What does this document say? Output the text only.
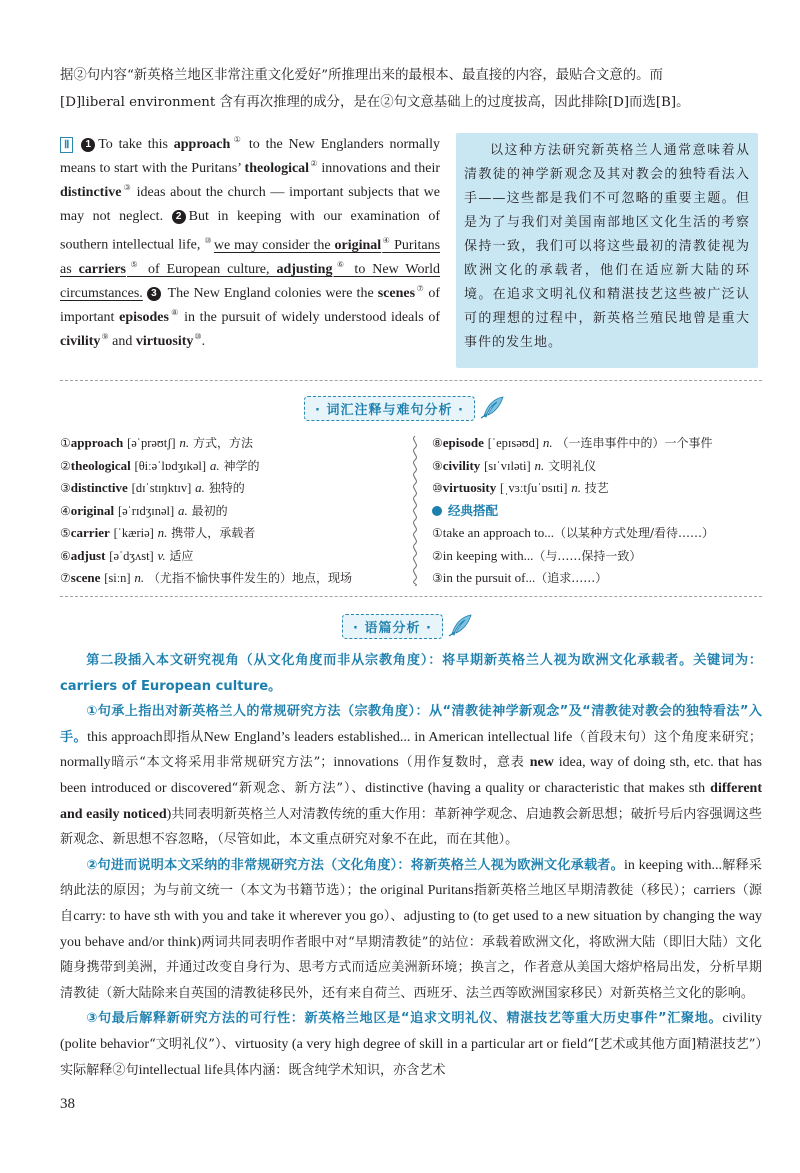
据②句内容“新英格兰地区非常注重文化爱好”所推理出来的最根本、最直接的内容，最贴合文意的。而

[D]liberal environment 含有再次推理的成分，是在②句文意基础上的过度拔高，因此排除[D]而选[B]。

Ⅱ 1 To take this approach① to the New Englanders normally means to start with the Puritans’ theological② innovations and their distinctive③ ideas about the church — important subjects that we may not neglect. 2 But in keeping with our examination of southern intellectual life, ⑩ we may consider the original④ Puritans as carriers⑤ of European culture, adjusting⑥ to New World circumstances. 3 The New England colonies were the scenes⑦ of important episodes⑧ in the pursuit of widely understood ideals of civility⑨ and virtuosity⑩.

以这种方法研究新英格兰人通常意味着从清教徒的神学新观念及其对教会的独特看法入手——这些都是我们不可忽略的重要主题。但是为了与我们对美国南部地区文化生活的考察保持一致，我们可以将这些最初的清教徒视为欧洲文化的承载者，他们在适应新大陆的环境。在追求文明礼仪和精湛技艺这些被广泛认可的理想的过程中，新英格兰殖民地曾是重大事件的发生地。

· 词汇注释与难句分析 ·
①approach [əˈprəʊtʃ] n. 方式，方法
②theological [θiːəˈlɒdʒɪkəl] a. 神学的
③distinctive [dɪˈstɪŋktɪv] a. 独特的
④original [əˈrɪdʒɪnəl] a. 最初的
⑤carrier [ˈkæriə] n. 携带人，承载者
⑥adjust [əˈdʒʌst] v. 适应
⑦scene [siːn] n. （尤指不愉快事件发生的）地点，现场
⑧episode [ˈepɪsəʊd] n. （一连串事件中的）一个事件
⑨civility [sɪˈvɪləti] n. 文明礼仪
⑩virtuosity [ˌvɜːtʃuˈɒsɪti] n. 技艺
经典搭配
①take an approach to...（以某种方式处理/看待……）
②in keeping with...（与……保持一致）
③in the pursuit of...（追求……）
· 语篇分析 ·

第二段插入本文研究视角（从文化角度而非从宗教角度）：将早期新英格兰人视为欧洲文化承载者。关键词为：carriers of European culture。

①句承上指出对新英格兰人的常规研究方法（宗教角度）：从“清教徒神学新观念”及“清教徒对教会的独特看法”入手。this approach即指从New England’s leaders established... in American intellectual life（首段末句）这个角度来研究；normally暗示“本文将采用非常规研究方法”；innovations（用作复数时，意表 new idea, way of doing sth, etc. that has been introduced or discovered“新观念、新方法”）、distinctive (having a quality or characteristic that makes sth different and easily noticed)共同表明新英格兰人对清教传统的重大作用：革新神学观念、启迪教会新思想；破折号后内容强调这些新观念、新思想不容忽略，（尽管如此，本文重点研究对象不在此，而在其他）。

②句进而说明本文采纳的非常规研究方法（文化角度）：将新英格兰人视为欧洲文化承载者。in keeping with...解释采纳此法的原因；为与前文统一（本文为书籍节选）；the original Puritans指新英格兰地区早期清教徒（移民）；carriers（源自carry: to have sth with you and take it wherever you go）、adjusting to (to get used to a new situation by changing the way you behave and/or think)两词共同表明作者眼中对“早期清教徒”的站位：承载着欧洲文化，将欧洲大陆（即旧大陆）文化随身携带到美洲，并通过改变自身行为、思考方式而适应美洲新环境；换言之，作者意从美国大熔炉格局出发，分析早期清教徒（新大陆除来自英国的清教徒移民外，还有来自荷兰、西班牙、法兰西等欧洲国家移民）对新英格兰文化的影响。

③句最后解释新研究方法的可行性：新英格兰地区是“追求文明礼仪、精湛技艺等重大历史事件”汇聚地。civility (polite behavior“文明礼仪”）、virtuosity (a very high degree of skill in a particular art or field“[艺术或其他方面]精湛技艺”）实际解释②句intellectual life具体内涵：既含纯学术知识，亦含艺术

38
